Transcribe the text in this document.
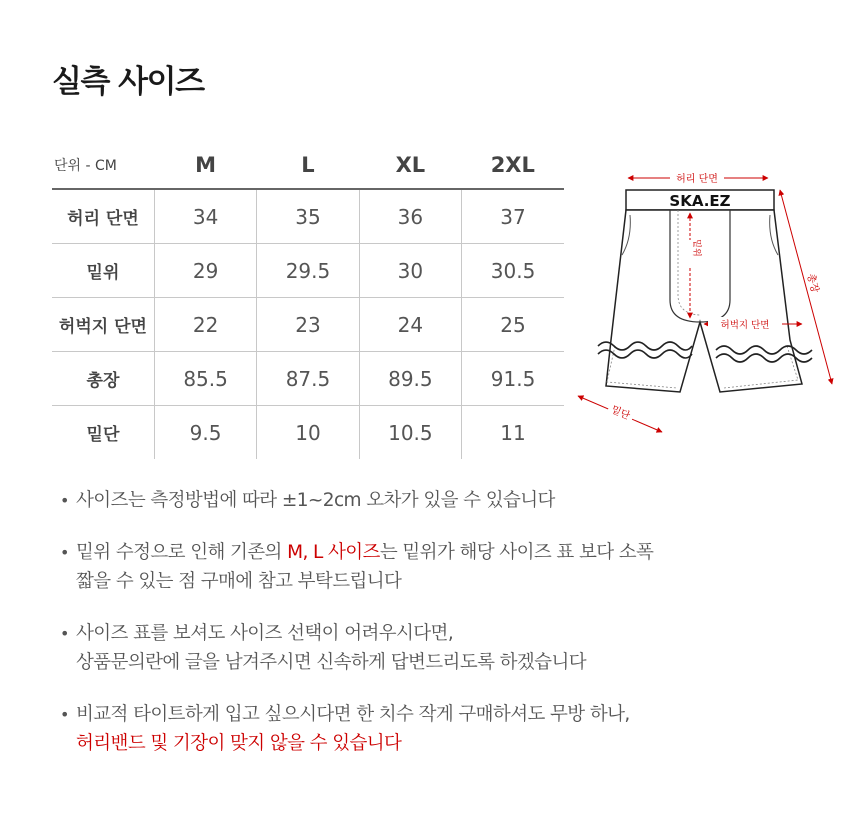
실측 사이즈
단위 - CM	M	L	XL	2XL
허리 단면	34	35	36	37
밑위	29	29.5	30	30.5
허벅지 단면	22	23	24	25
총장	85.5	87.5	89.5	91.5
밑단	9.5	10	10.5	11
허리 단면
SKA.EZ
밑위
허벅지 단면
총장
밑단
• 사이즈는 측정방법에 따라 ±1~2cm 오차가 있을 수 있습니다
• 밑위 수정으로 인해 기존의 M, L 사이즈는 밑위가 해당 사이즈 표 보다 소폭
짧을 수 있는 점 구매에 참고 부탁드립니다
• 사이즈 표를 보셔도 사이즈 선택이 어려우시다면,
상품문의란에 글을 남겨주시면 신속하게 답변드리도록 하겠습니다
• 비교적 타이트하게 입고 싶으시다면 한 치수 작게 구매하셔도 무방 하나,
허리밴드 및 기장이 맞지 않을 수 있습니다
